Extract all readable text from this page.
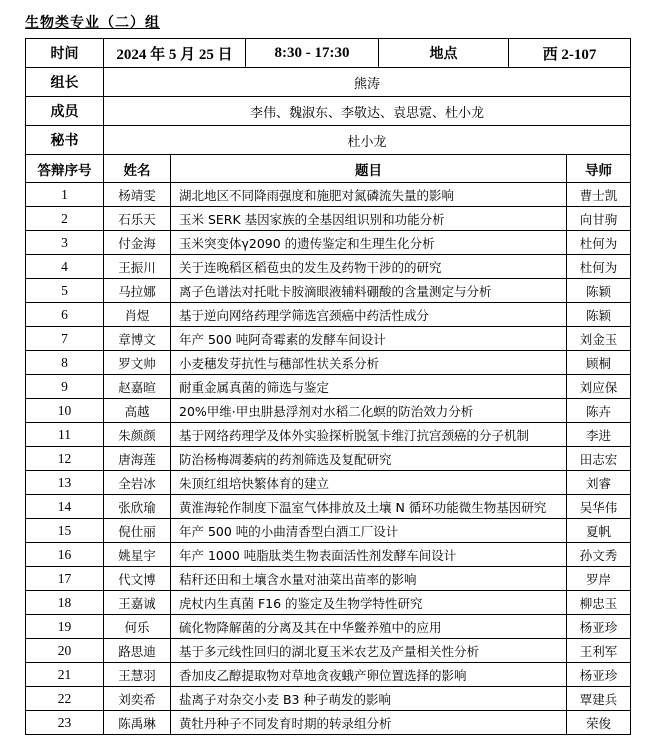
生物类专业（二）组
时间	2024 年 5 月 25 日	8:30 - 17:30	地点	西 2-107
组长	熊涛			
成员	李伟、魏淑东、李敬达、袁思霓、杜小龙			
秘书	杜小龙			
答辩序号	姓名	题目	导师
1	杨靖雯	湖北地区不同降雨强度和施肥对氮磷流失量的影响	曹士凯
2	石乐天	玉米 SERK 基因家族的全基因组识别和功能分析	向甘驹
3	付金海	玉米突变体γ2090 的遗传鉴定和生理生化分析	杜何为
4	王振川	关于连晚稻区稻苞虫的发生及药物干涉的的研究	杜何为
5	马拉娜	离子色谱法对托吡卡胺滴眼液辅料硼酸的含量测定与分析	陈颖
6	肖煜	基于逆向网络药理学筛选宫颈癌中药活性成分	陈颖
7	章博文	年产 500 吨阿奇霉素的发酵车间设计	刘金玉
8	罗文帅	小麦穗发芽抗性与穗部性状关系分析	顾桐
9	赵嘉暄	耐重金属真菌的筛选与鉴定	刘应保
10	高越	20%甲维·甲虫肼悬浮剂对水稻二化螟的防治效力分析	陈卉
11	朱颜颜	基于网络药理学及体外实验探析脱氢卡维汀抗宫颈癌的分子机制	李进
12	唐海莲	防治杨梅凋萎病的药剂筛选及复配研究	田志宏
13	全岩冰	朱顶红组培快繁体育的建立	刘睿
14	张欣瑜	黄淮海轮作制度下温室气体排放及土壤 N 循环功能微生物基因研究	吴华伟
15	倪仕丽	年产 500 吨的小曲清香型白酒工厂设计	夏帆
16	姚星宇	年产 1000 吨脂肽类生物表面活性剂发酵车间设计	孙文秀
17	代文博	秸秆还田和土壤含水量对油菜出苗率的影响	罗岸
18	王嘉诚	虎杖内生真菌 F16 的鉴定及生物学特性研究	柳忠玉
19	何乐	硫化物降解菌的分离及其在中华鳖养殖中的应用	杨亚珍
20	路思迪	基于多元线性回归的湖北夏玉米农艺及产量相关性分析	王利军
21	王慧羽	香加皮乙醇提取物对草地贪夜蛾产卵位置选择的影响	杨亚珍
22	刘奕希	盐离子对杂交小麦 B3 种子萌发的影响	覃建兵
23	陈禹琳	黄牡丹种子不同发育时期的转录组分析	荣俊
